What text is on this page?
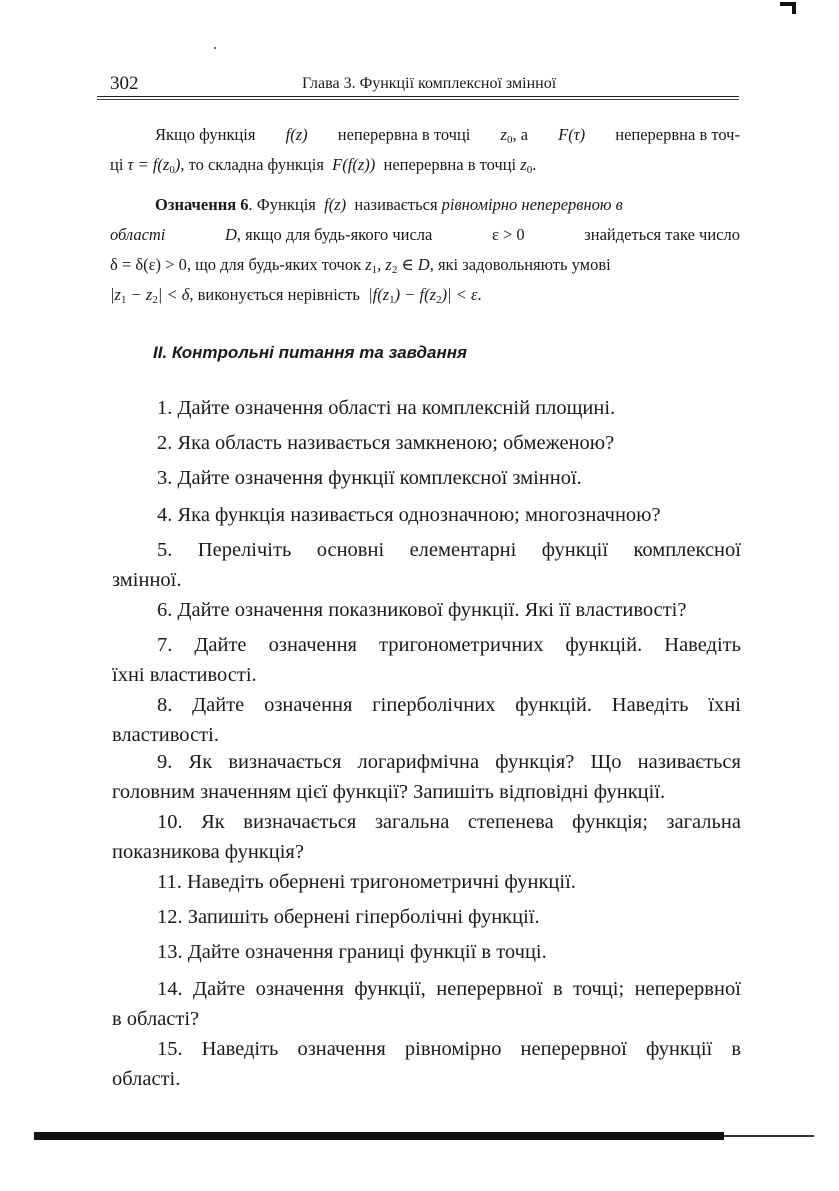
302	Глава 3. Функції комплексної змінної
Якщо функція f(z) неперервна в точці $z_0$, а F(τ) неперервна в точ-
ці $\tau = f(z_0)$, то складна функція F(f(z)) неперервна в точці $z_0$.
Означення 6. Функція f(z) називається рівномірно неперервною в
області	D, якщо для будь-якого числа	ε > 0	знайдеться таке число
δ = δ(ε) > 0, що для будь-яких точок $z_1$, $z_2$ ∈ D, які задовольняють умові
$|z_1 - z_2| < \delta$, виконується нерівність $|f(z_1) - f(z_2)| < \varepsilon$.
ІІ. Контрольні питання та завдання
1. Дайте означення області на комплексній площині.
2. Яка область називається замкненою; обмеженою?
3. Дайте означення функції комплексної змінної.
4. Яка функція називається однозначною; многозначною?
5. Перелічіть основні елементарні функції комплексної
змінної.
6. Дайте означення показникової функції. Які її властивості?
7. Дайте означення тригонометричних функцій. Наведіть
їхні властивості.
8. Дайте означення гіперболічних функцій. Наведіть їхні
властивості.
9. Як визначається логарифмічна функція? Що називається
головним значенням цієї функції? Запишіть відповідні функції.
10. Як визначається загальна степенева функція; загальна
показникова функція?
11. Наведіть обернені тригонометричні функції.
12. Запишіть обернені гіперболічні функції.
13. Дайте означення границі функції в точці.
14. Дайте означення функції, неперервної в точці; неперервної
в області?
15. Наведіть означення рівномірно неперервної функції в
області.
